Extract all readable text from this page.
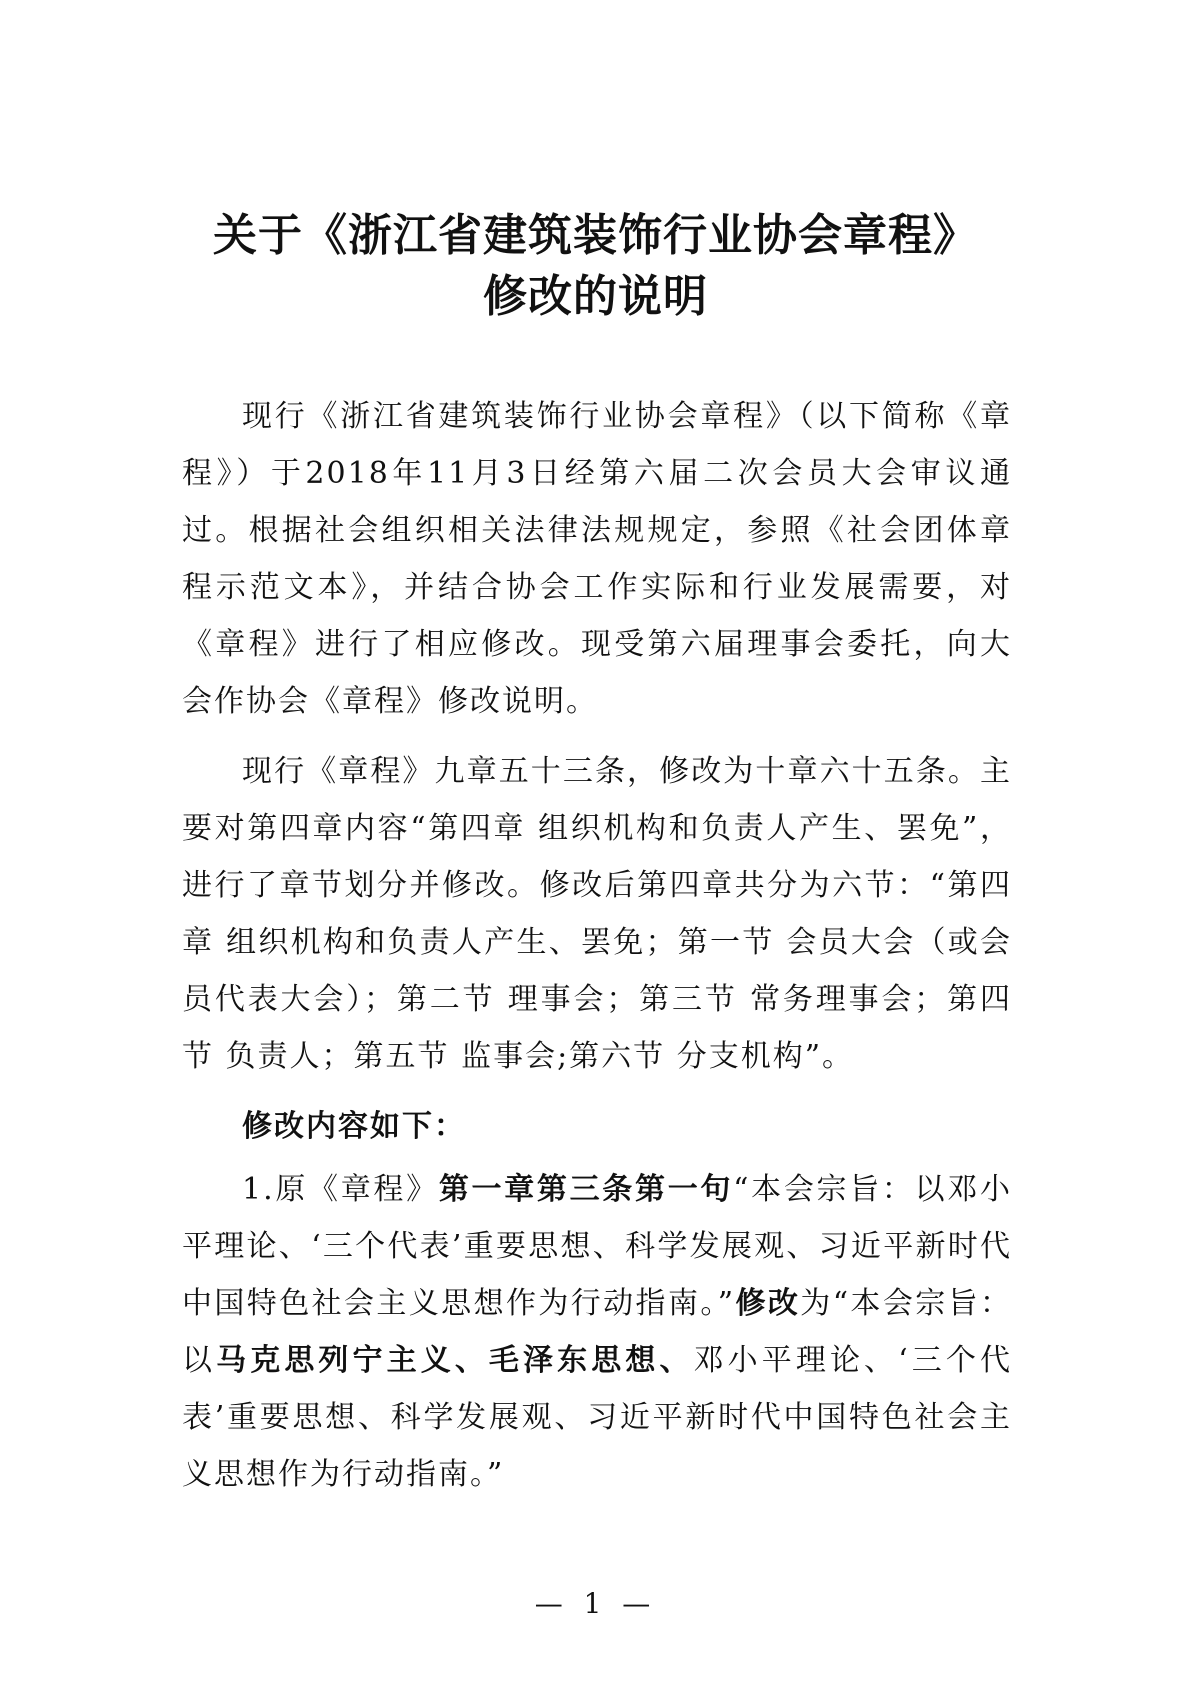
关于《浙江省建筑装饰行业协会章程》
修改的说明

现行《浙江省建筑装饰行业协会章程》（以下简称《章程》）于2018年11月3日经第六届二次会员大会审议通过。根据社会组织相关法律法规规定，参照《社会团体章程示范文本》，并结合协会工作实际和行业发展需要，对《章程》进行了相应修改。现受第六届理事会委托，向大会作协会《章程》修改说明。

现行《章程》九章五十三条，修改为十章六十五条。主要对第四章内容“第四章 组织机构和负责人产生、罢免”，进行了章节划分并修改。修改后第四章共分为六节：“第四章 组织机构和负责人产生、罢免；第一节 会员大会（或会员代表大会）；第二节 理事会；第三节 常务理事会；第四节 负责人；第五节 监事会;第六节 分支机构”。

修改内容如下：

1.原《章程》第一章第三条第一句“本会宗旨：以邓小平理论、‘三个代表’重要思想、科学发展观、习近平新时代中国特色社会主义思想作为行动指南。”修改为“本会宗旨：以马克思列宁主义、毛泽东思想、邓小平理论、‘三个代表’重要思想、科学发展观、习近平新时代中国特色社会主义思想作为行动指南。”

— 1 —
